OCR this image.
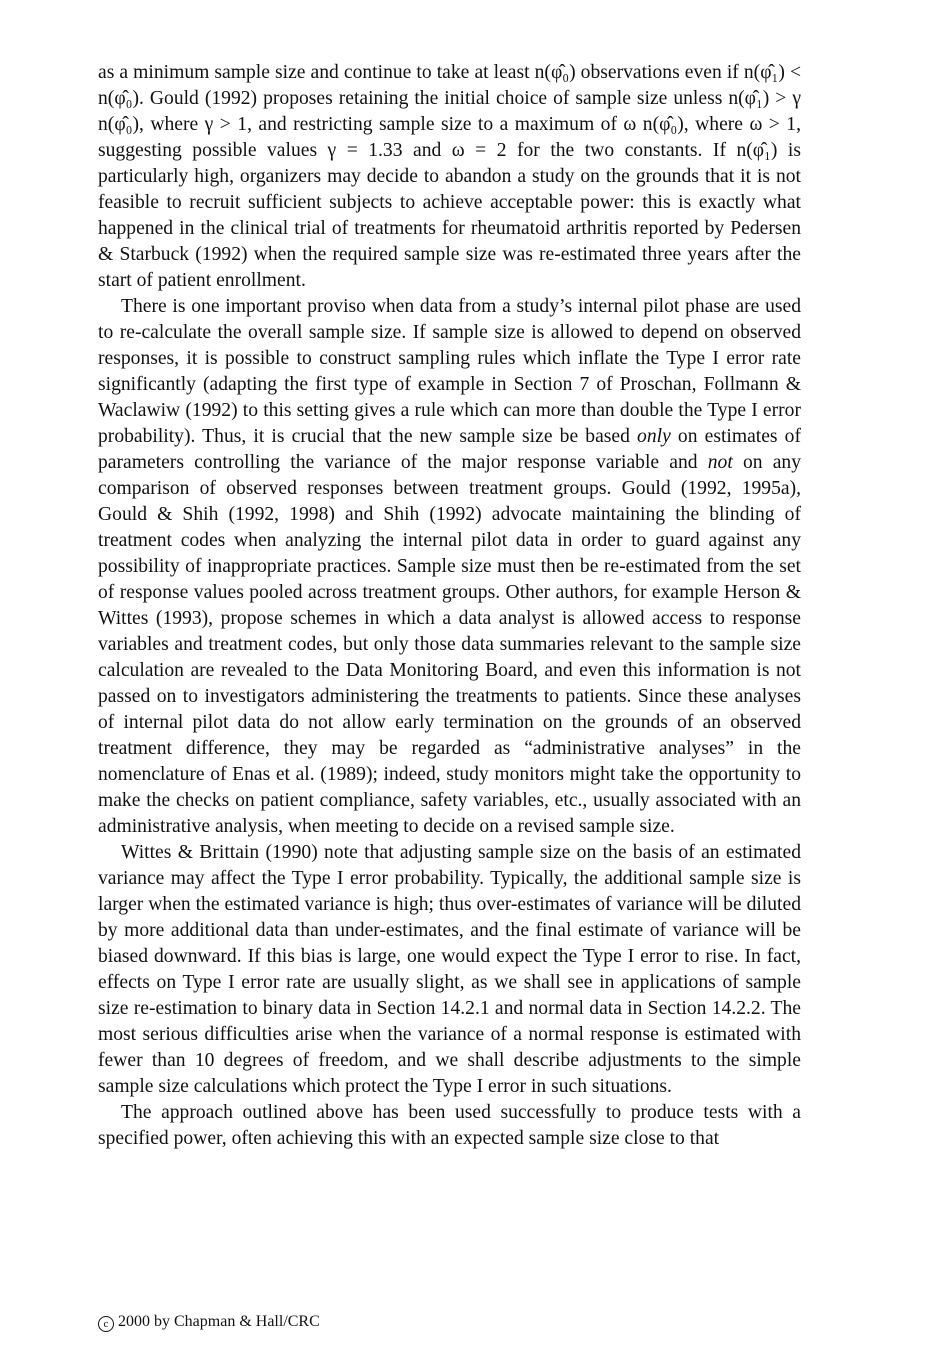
as a minimum sample size and continue to take at least n(φ̂₀) observations even if n(φ̂₁) < n(φ̂₀). Gould (1992) proposes retaining the initial choice of sample size unless n(φ̂₁) > γ n(φ̂₀), where γ > 1, and restricting sample size to a maximum of ω n(φ̂₀), where ω > 1, suggesting possible values γ = 1.33 and ω = 2 for the two constants. If n(φ̂₁) is particularly high, organizers may decide to abandon a study on the grounds that it is not feasible to recruit sufficient subjects to achieve acceptable power: this is exactly what happened in the clinical trial of treatments for rheumatoid arthritis reported by Pedersen & Starbuck (1992) when the required sample size was re-estimated three years after the start of patient enrollment.

There is one important proviso when data from a study’s internal pilot phase are used to re-calculate the overall sample size. If sample size is allowed to depend on observed responses, it is possible to construct sampling rules which inflate the Type I error rate significantly (adapting the first type of example in Section 7 of Proschan, Follmann & Waclawiw (1992) to this setting gives a rule which can more than double the Type I error probability). Thus, it is crucial that the new sample size be based only on estimates of parameters controlling the variance of the major response variable and not on any comparison of observed responses between treatment groups. Gould (1992, 1995a), Gould & Shih (1992, 1998) and Shih (1992) advocate maintaining the blinding of treatment codes when analyzing the internal pilot data in order to guard against any possibility of inappropriate practices. Sample size must then be re-estimated from the set of response values pooled across treatment groups. Other authors, for example Herson & Wittes (1993), propose schemes in which a data analyst is allowed access to response variables and treatment codes, but only those data summaries relevant to the sample size calculation are revealed to the Data Monitoring Board, and even this information is not passed on to investigators administering the treatments to patients. Since these analyses of internal pilot data do not allow early termination on the grounds of an observed treatment difference, they may be regarded as “administrative analyses” in the nomenclature of Enas et al. (1989); indeed, study monitors might take the opportunity to make the checks on patient compliance, safety variables, etc., usually associated with an administrative analysis, when meeting to decide on a revised sample size.

Wittes & Brittain (1990) note that adjusting sample size on the basis of an estimated variance may affect the Type I error probability. Typically, the additional sample size is larger when the estimated variance is high; thus over-estimates of variance will be diluted by more additional data than under-estimates, and the final estimate of variance will be biased downward. If this bias is large, one would expect the Type I error to rise. In fact, effects on Type I error rate are usually slight, as we shall see in applications of sample size re-estimation to binary data in Section 14.2.1 and normal data in Section 14.2.2. The most serious difficulties arise when the variance of a normal response is estimated with fewer than 10 degrees of freedom, and we shall describe adjustments to the simple sample size calculations which protect the Type I error in such situations.

The approach outlined above has been used successfully to produce tests with a specified power, often achieving this with an expected sample size close to that

c 2000 by Chapman & Hall/CRC
